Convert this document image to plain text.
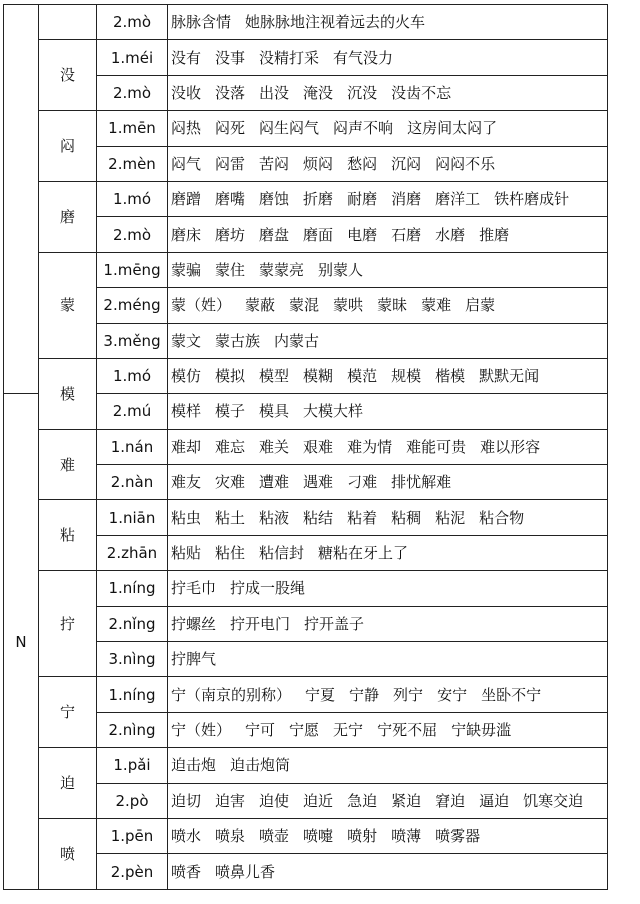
		2.mò	脉脉含情 她脉脉地注视着远去的火车
	没	1.méi	没有 没事 没精打采 有气没力
		2.mò	没收 没落 出没 淹没 沉没 没齿不忘
	闷	1.mēn	闷热 闷死 闷生闷气 闷声不响 这房间太闷了
		2.mèn	闷气 闷雷 苦闷 烦闷 愁闷 沉闷 闷闷不乐
	磨	1.mó	磨蹭 磨嘴 磨蚀 折磨 耐磨 消磨 磨洋工 铁杵磨成针
		2.mò	磨床 磨坊 磨盘 磨面 电磨 石磨 水磨 推磨
	蒙	1.mēng	蒙骗 蒙住 蒙蒙亮 别蒙人
		2.méng	蒙（姓） 蒙蔽 蒙混 蒙哄 蒙昧 蒙难 启蒙
		3.měng	蒙文 蒙古族 内蒙古
	模	1.mó	模仿 模拟 模型 模糊 模范 规模 楷模 默默无闻
N		2.mú	模样 模子 模具 大模大样
	难	1.nán	难却 难忘 难关 艰难 难为情 难能可贵 难以形容
		2.nàn	难友 灾难 遭难 遇难 刁难 排忧解难
	粘	1.niān	粘虫 粘土 粘液 粘结 粘着 粘稠 粘泥 粘合物
		2.zhān	粘贴 粘住 粘信封 糖粘在牙上了
	拧	1.níng	拧毛巾 拧成一股绳
		2.nǐng	拧螺丝 拧开电门 拧开盖子
		3.nìng	拧脾气
	宁	1.níng	宁（南京的别称） 宁夏 宁静 列宁 安宁 坐卧不宁
		2.nìng	宁（姓） 宁可 宁愿 无宁 宁死不屈 宁缺毋滥
	迫	1.pǎi	迫击炮 迫击炮筒
		2.pò	迫切 迫害 迫使 迫近 急迫 紧迫 窘迫 逼迫 饥寒交迫
	喷	1.pēn	喷水 喷泉 喷壶 喷嚏 喷射 喷薄 喷雾器
		2.pèn	喷香 喷鼻儿香
